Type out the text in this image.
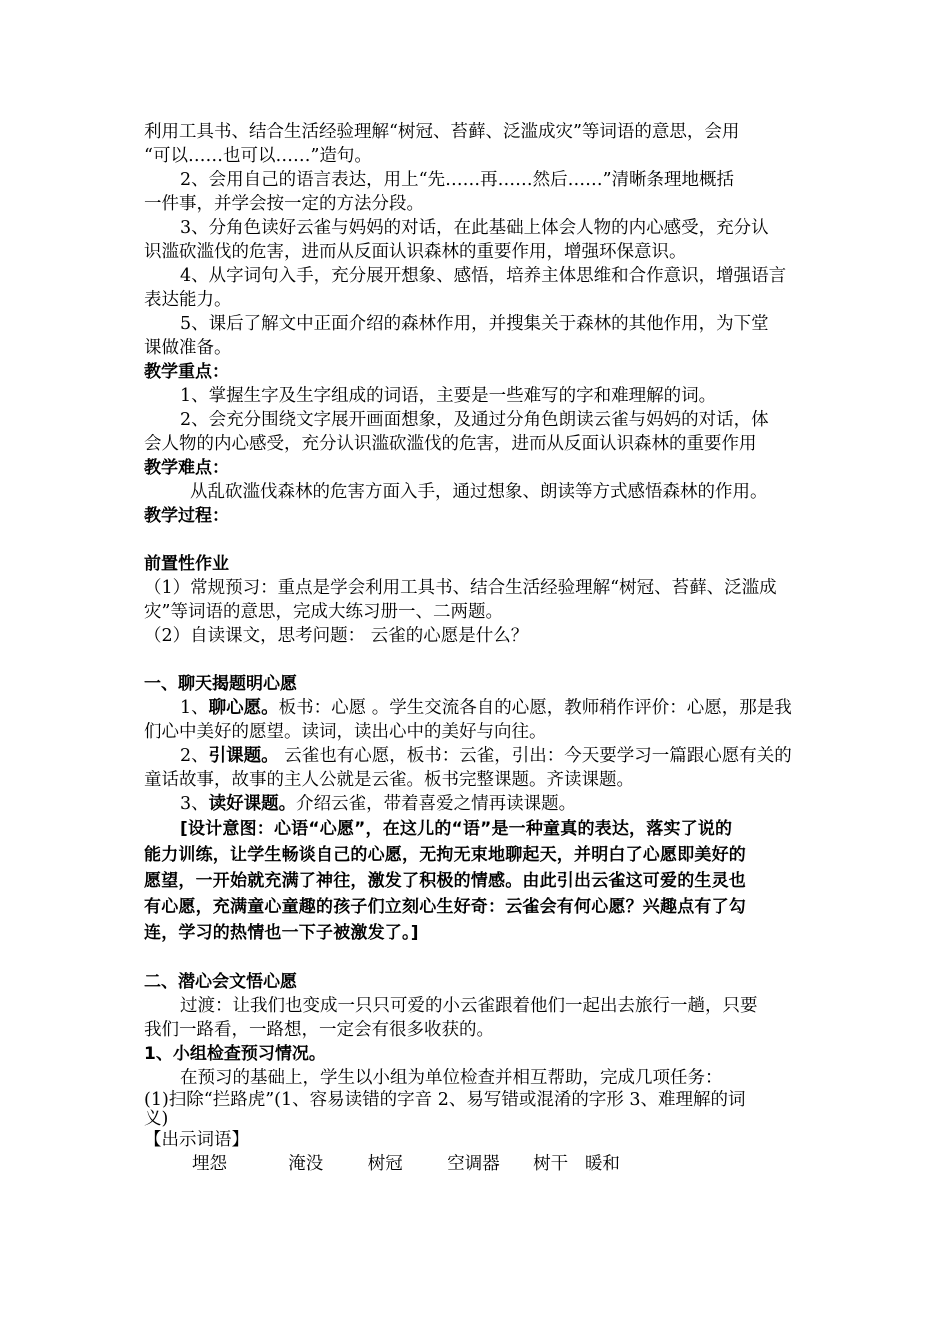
利用工具书、结合生活经验理解“树冠、苔藓、泛滥成灾”等词语的意思，会用
“可以……也可以……”造句。
2、会用自己的语言表达，用上“先……再……然后……”清晰条理地概括
一件事，并学会按一定的方法分段。
3、分角色读好云雀与妈妈的对话，在此基础上体会人物的内心感受，充分认
识滥砍滥伐的危害，进而从反面认识森林的重要作用，增强环保意识。
4、从字词句入手，充分展开想象、感悟，培养主体思维和合作意识，增强语言
表达能力。
5、课后了解文中正面介绍的森林作用，并搜集关于森林的其他作用，为下堂
课做准备。
教学重点：
1、掌握生字及生字组成的词语，主要是一些难写的字和难理解的词。
2、会充分围绕文字展开画面想象，及通过分角色朗读云雀与妈妈的对话，体
会人物的内心感受，充分认识滥砍滥伐的危害，进而从反面认识森林的重要作用
教学难点：
从乱砍滥伐森林的危害方面入手，通过想象、朗读等方式感悟森林的作用。
教学过程：
前置性作业
（1）常规预习：重点是学会利用工具书、结合生活经验理解“树冠、苔藓、泛滥成
灾”等词语的意思，完成大练习册一、二两题。
（2）自读课文，思考问题： 云雀的心愿是什么？
一、聊天揭题明心愿
1、聊心愿。板书：心愿 。学生交流各自的心愿，教师稍作评价：心愿，那是我
们心中美好的愿望。读词，读出心中的美好与向往。
2、引课题。 云雀也有心愿，板书：云雀，引出：今天要学习一篇跟心愿有关的
童话故事，故事的主人公就是云雀。板书完整课题。齐读课题。
3、读好课题。介绍云雀，带着喜爱之情再读课题。
[设计意图：心语“心愿”，在这儿的“语”是一种童真的表达，落实了说的
能力训练，让学生畅谈自己的心愿，无拘无束地聊起天，并明白了心愿即美好的
愿望，一开始就充满了神往，激发了积极的情感。由此引出云雀这可爱的生灵也
有心愿，充满童心童趣的孩子们立刻心生好奇：云雀会有何心愿？兴趣点有了勾
连，学习的热情也一下子被激发了。]
二、潜心会文悟心愿
过渡：让我们也变成一只只可爱的小云雀跟着他们一起出去旅行一趟，只要
我们一路看，一路想，一定会有很多收获的。
1、小组检查预习情况。
在预习的基础上，学生以小组为单位检查并相互帮助，完成几项任务：
(1)扫除“拦路虎”(1、容易读错的字音 2、易写错或混淆的字形 3、难理解的词
义)
【出示词语】
埋怨	淹没	树冠	空调器 树干 暖和
